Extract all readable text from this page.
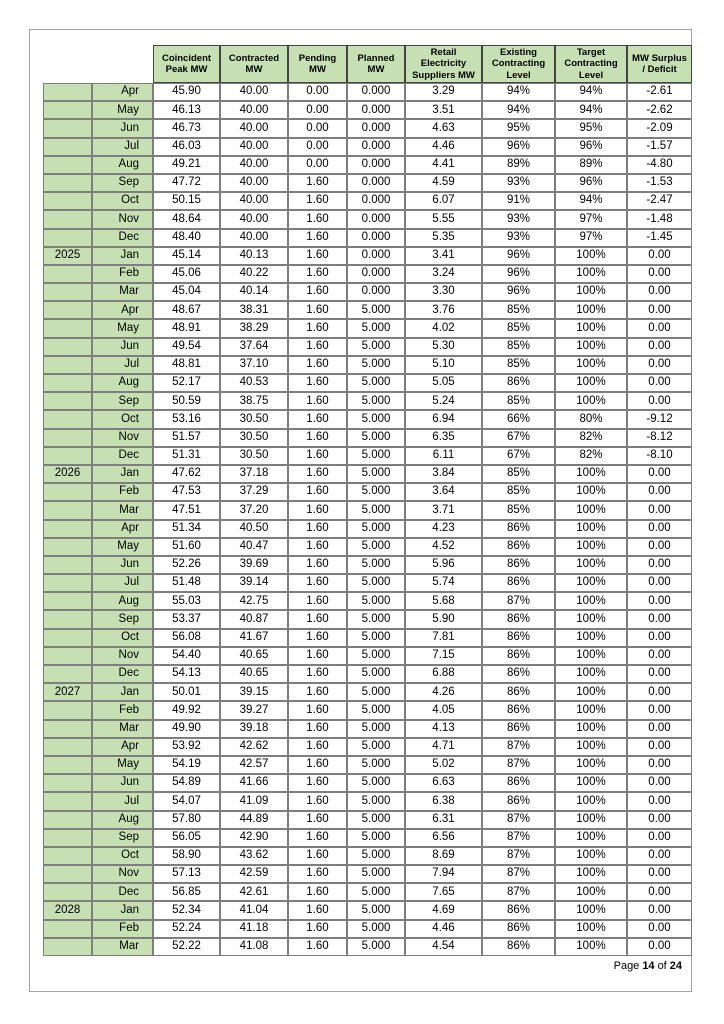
		Coincident Peak MW	Contracted MW	Pending MW	Planned MW	Retail Electricity Suppliers MW	Existing Contracting Level	Target Contracting Level	MW Surplus / Deficit
	Apr	45.90	40.00	0.00	0.000	3.29	94%	94%	-2.61
	May	46.13	40.00	0.00	0.000	3.51	94%	94%	-2.62
	Jun	46.73	40.00	0.00	0.000	4.63	95%	95%	-2.09
	Jul	46.03	40.00	0.00	0.000	4.46	96%	96%	-1.57
	Aug	49.21	40.00	0.00	0.000	4.41	89%	89%	-4.80
	Sep	47.72	40.00	1.60	0.000	4.59	93%	96%	-1.53
	Oct	50.15	40.00	1.60	0.000	6.07	91%	94%	-2.47
	Nov	48.64	40.00	1.60	0.000	5.55	93%	97%	-1.48
	Dec	48.40	40.00	1.60	0.000	5.35	93%	97%	-1.45
2025	Jan	45.14	40.13	1.60	0.000	3.41	96%	100%	0.00
	Feb	45.06	40.22	1.60	0.000	3.24	96%	100%	0.00
	Mar	45.04	40.14	1.60	0.000	3.30	96%	100%	0.00
	Apr	48.67	38.31	1.60	5.000	3.76	85%	100%	0.00
	May	48.91	38.29	1.60	5.000	4.02	85%	100%	0.00
	Jun	49.54	37.64	1.60	5.000	5.30	85%	100%	0.00
	Jul	48.81	37.10	1.60	5.000	5.10	85%	100%	0.00
	Aug	52.17	40.53	1.60	5.000	5.05	86%	100%	0.00
	Sep	50.59	38.75	1.60	5.000	5.24	85%	100%	0.00
	Oct	53.16	30.50	1.60	5.000	6.94	66%	80%	-9.12
	Nov	51.57	30.50	1.60	5.000	6.35	67%	82%	-8.12
	Dec	51.31	30.50	1.60	5.000	6.11	67%	82%	-8.10
2026	Jan	47.62	37.18	1.60	5.000	3.84	85%	100%	0.00
	Feb	47.53	37.29	1.60	5.000	3.64	85%	100%	0.00
	Mar	47.51	37.20	1.60	5.000	3.71	85%	100%	0.00
	Apr	51.34	40.50	1.60	5.000	4.23	86%	100%	0.00
	May	51.60	40.47	1.60	5.000	4.52	86%	100%	0.00
	Jun	52.26	39.69	1.60	5.000	5.96	86%	100%	0.00
	Jul	51.48	39.14	1.60	5.000	5.74	86%	100%	0.00
	Aug	55.03	42.75	1.60	5.000	5.68	87%	100%	0.00
	Sep	53.37	40.87	1.60	5.000	5.90	86%	100%	0.00
	Oct	56.08	41.67	1.60	5.000	7.81	86%	100%	0.00
	Nov	54.40	40.65	1.60	5.000	7.15	86%	100%	0.00
	Dec	54.13	40.65	1.60	5.000	6.88	86%	100%	0.00
2027	Jan	50.01	39.15	1.60	5.000	4.26	86%	100%	0.00
	Feb	49.92	39.27	1.60	5.000	4.05	86%	100%	0.00
	Mar	49.90	39.18	1.60	5.000	4.13	86%	100%	0.00
	Apr	53.92	42.62	1.60	5.000	4.71	87%	100%	0.00
	May	54.19	42.57	1.60	5.000	5.02	87%	100%	0.00
	Jun	54.89	41.66	1.60	5.000	6.63	86%	100%	0.00
	Jul	54.07	41.09	1.60	5.000	6.38	86%	100%	0.00
	Aug	57.80	44.89	1.60	5.000	6.31	87%	100%	0.00
	Sep	56.05	42.90	1.60	5.000	6.56	87%	100%	0.00
	Oct	58.90	43.62	1.60	5.000	8.69	87%	100%	0.00
	Nov	57.13	42.59	1.60	5.000	7.94	87%	100%	0.00
	Dec	56.85	42.61	1.60	5.000	7.65	87%	100%	0.00
2028	Jan	52.34	41.04	1.60	5.000	4.69	86%	100%	0.00
	Feb	52.24	41.18	1.60	5.000	4.46	86%	100%	0.00
	Mar	52.22	41.08	1.60	5.000	4.54	86%	100%	0.00
Page 14 of 24
